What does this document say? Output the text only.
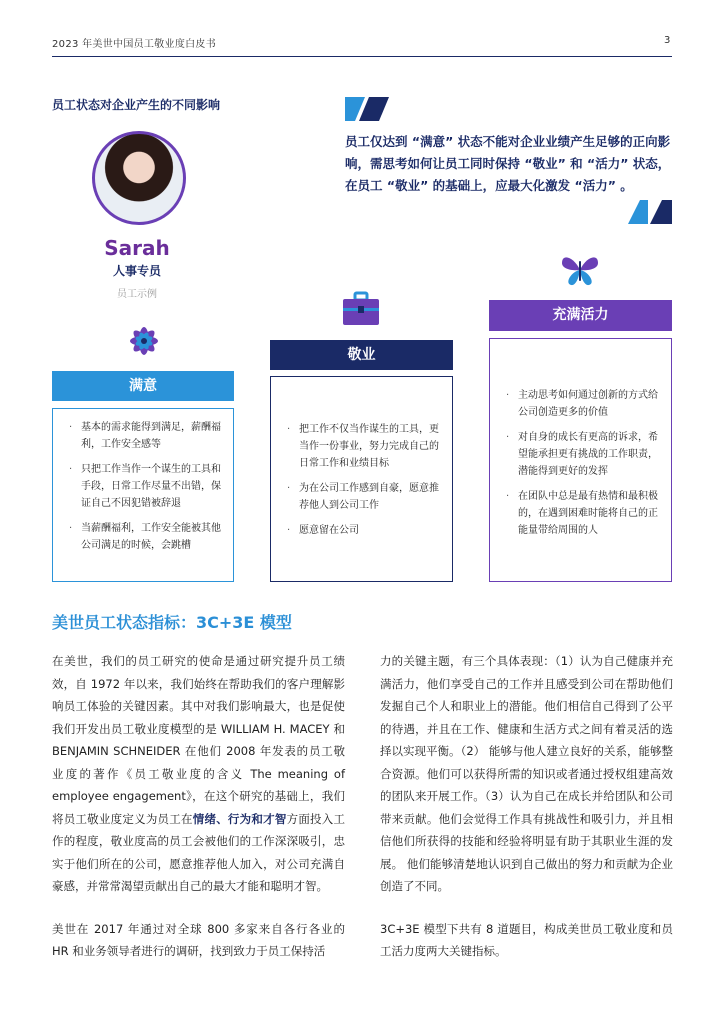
2023 年美世中国员工敬业度白皮书	3
员工状态对企业产生的不同影响
员工仅达到 “满意” 状态不能对企业业绩产生足够的正向影响，需思考如何让员工同时保持 “敬业” 和 “活力” 状态，在员工 “敬业” 的基础上，应最大化激发 “活力” 。
Sarah
人事专员
员工示例
满意
敬业
充满活力
· 基本的需求能得到满足，薪酬福利，工作安全感等
· 只把工作当作一个谋生的工具和手段，日常工作尽量不出错，保证自己不因犯错被辞退
· 当薪酬福利，工作安全能被其他公司满足的时候，会跳槽
· 把工作不仅当作谋生的工具，更当作一份事业，努力完成自己的日常工作和业绩目标
· 为在公司工作感到自豪，愿意推荐他人到公司工作
· 愿意留在公司
· 主动思考如何通过创新的方式给公司创造更多的价值
· 对自身的成长有更高的诉求，希望能承担更有挑战的工作职责，潜能得到更好的发挥
· 在团队中总是最有热情和最积极的，在遇到困难时能将自己的正能量带给周围的人
美世员工状态指标：3C+3E 模型

在美世，我们的员工研究的使命是通过研究提升员工绩效，自 1972 年以来，我们始终在帮助我们的客户理解影响员工体验的关键因素。其中对我们影响最大，也是促使我们开发出员工敬业度模型的是 WILLIAM H. MACEY 和 BENJAMIN SCHNEIDER 在他们 2008 年发表的员工敬业度的著作《员工敬业度的含义 The meaning of employee engagement》，在这个研究的基础上，我们将员工敬业度定义为员工在情绪、行为和才智方面投入工作的程度，敬业度高的员工会被他们的工作深深吸引，忠实于他们所在的公司，愿意推荐他人加入，对公司充满自豪感，并常常渴望贡献出自己的最大才能和聪明才智。

美世在 2017 年通过对全球 800 多家来自各行各业的 HR 和业务领导者进行的调研，找到致力于员工保持活

力的关键主题，有三个具体表现：（1）认为自己健康并充满活力，他们享受自己的工作并且感受到公司在帮助他们发掘自己个人和职业上的潜能。他们相信自己得到了公平的待遇，并且在工作、健康和生活方式之间有着灵活的选择以实现平衡。（2） 能够与他人建立良好的关系，能够整合资源。他们可以获得所需的知识或者通过授权组建高效的团队来开展工作。（3）认为自己在成长并给团队和公司带来贡献。他们会觉得工作具有挑战性和吸引力，并且相信他们所获得的技能和经验将明显有助于其职业生涯的发展。 他们能够清楚地认识到自己做出的努力和贡献为企业创造了不同。

3C+3E 模型下共有 8 道题目，构成美世员工敬业度和员工活力度两大关键指标。
